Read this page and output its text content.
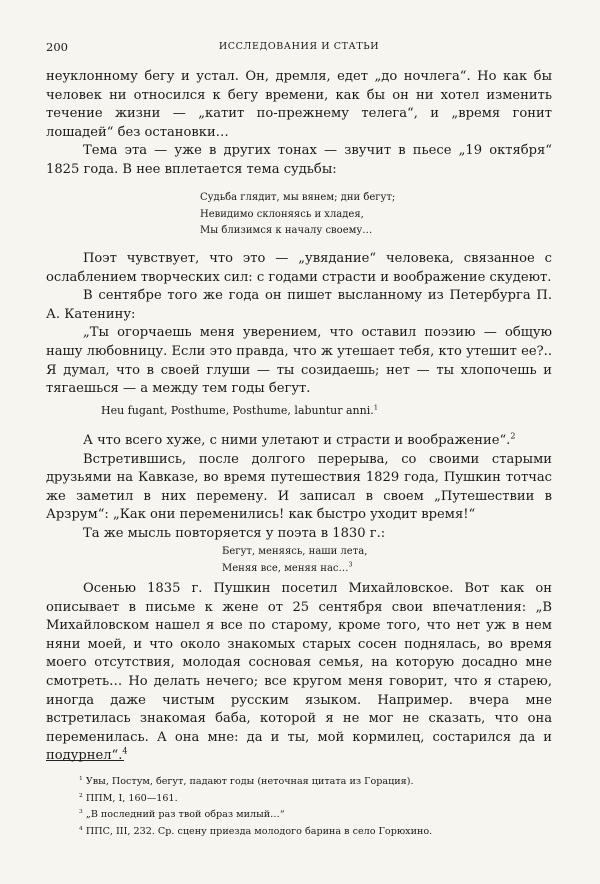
200	ИССЛЕДОВАНИЯ И СТАТЬИ

неуклонному бегу и устал. Он, дремля, едет „до ночлега“. Но как бы человек ни относился к бегу времени, как бы он ни хотел изменить течение жизни — „катит по-прежнему телега“, и „время гонит лошадей“ без остановки…

Тема эта — уже в других тонах — звучит в пьесе „19 октября“ 1825 года. В нее вплетается тема судьбы:

Судьба глядит, мы вянем; дни бегут;

Невидимо склоняясь и хладея,

Мы близимся к началу своему…

Поэт чувствует, что это — „увядание“ человека, связанное с ослаблением творческих сил: с годами страсти и воображение скудеют.

В сентябре того же года он пишет высланному из Петербурга П. А. Катенину:

„Ты огорчаешь меня уверением, что оставил поэзию — общую нашу любовницу. Если это правда, что ж утешает тебя, кто утешит ее?.. Я думал, что в своей глуши — ты созидаешь; нет — ты хлопочешь и тягаешься — а между тем годы бегут.

Heu fugant, Posthume, Posthume, labuntur anni.$^1$

А что всего хуже, с ними улетают и страсти и воображение“.$^2$

Встретившись, после долгого перерыва, со своими старыми друзьями на Кавказе, во время путешествия 1829 года, Пушкин тотчас же заметил в них перемену. И записал в своем „Путешествии в Арзрум“: „Как они переменились! как быстро уходит время!“

Та же мысль повторяется у поэта в 1830 г.:

Бегут, меняясь, наши лета,

Меняя все, меняя нас…$^3$

Осенью 1835 г. Пушкин посетил Михайловское. Вот как он описывает в письме к жене от 25 сентября свои впечатления: „В Михайловском нашел я все по старому, кроме того, что нет уж в нем няни моей, и что около знакомых старых сосен поднялась, во время моего отсутствия, молодая сосновая семья, на которую досадно мне смотреть… Но делать нечего; все кругом меня говорит, что я старею, иногда даже чистым русским языком. Например. вчера мне встретилась знакомая баба, которой я не мог не сказать, что она переменилась. А она мне: да и ты, мой кормилец, состарился да и подурнел“.$^4$

$^1$ Увы, Постум, бегут, падают годы (неточная цитата из Горация).

$^2$ ППМ, I, 160—161.

$^3$ „В последний раз твой образ милый…“

$^4$ ППС, III, 232. Ср. сцену приезда молодого барина в село Горюхино.
